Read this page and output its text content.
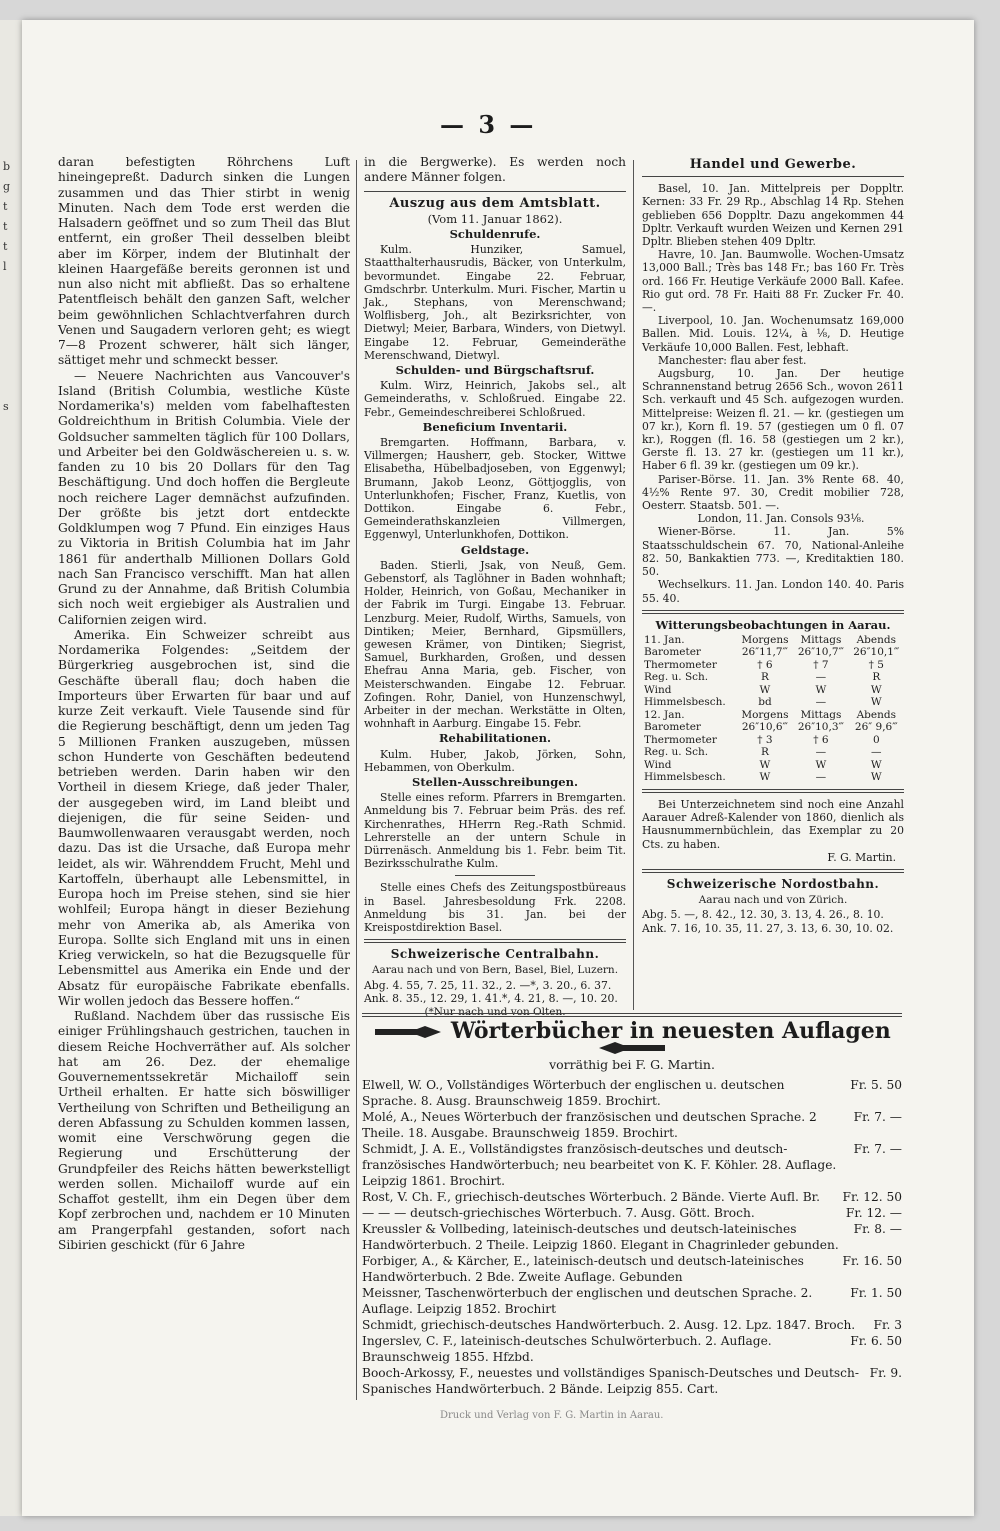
b
g
t
t
t
l
s
— 3 —

daran befestigten Röhrchens Luft hineingepreßt. Dadurch sinken die Lungen zusammen und das Thier stirbt in wenig Minuten. Nach dem Tode erst werden die Halsadern geöffnet und so zum Theil das Blut entfernt, ein großer Theil desselben bleibt aber im Körper, indem der Blutinhalt der kleinen Haargefäße bereits geronnen ist und nun also nicht mit abfließt. Das so erhaltene Patentfleisch behält den ganzen Saft, welcher beim gewöhnlichen Schlachtverfahren durch Venen und Saugadern verloren geht; es wiegt 7—8 Prozent schwerer, hält sich länger, sättiget mehr und schmeckt besser.

— Neuere Nachrichten aus Vancouver's Island (British Columbia, westliche Küste Nordamerika's) melden vom fabelhaftesten Goldreichthum in British Columbia. Viele der Goldsucher sammelten täglich für 100 Dollars, und Arbeiter bei den Goldwäschereien u. s. w. fanden zu 10 bis 20 Dollars für den Tag Beschäftigung. Und doch hoffen die Bergleute noch reichere Lager demnächst aufzufinden. Der größte bis jetzt dort entdeckte Goldklumpen wog 7 Pfund. Ein einziges Haus zu Viktoria in British Columbia hat im Jahr 1861 für anderthalb Millionen Dollars Gold nach San Francisco verschifft. Man hat allen Grund zu der Annahme, daß British Columbia sich noch weit ergiebiger als Australien und Californien zeigen wird.

Amerika. Ein Schweizer schreibt aus Nordamerika Folgendes: „Seitdem der Bürgerkrieg ausgebrochen ist, sind die Geschäfte überall flau; doch haben die Importeurs über Erwarten für baar und auf kurze Zeit verkauft. Viele Tausende sind für die Regierung beschäftigt, denn um jeden Tag 5 Millionen Franken auszugeben, müssen schon Hunderte von Geschäften bedeutend betrieben werden. Darin haben wir den Vortheil in diesem Kriege, daß jeder Thaler, der ausgegeben wird, im Land bleibt und diejenigen, die für seine Seiden- und Baumwollenwaaren verausgabt werden, noch dazu. Das ist die Ursache, daß Europa mehr leidet, als wir. Währenddem Frucht, Mehl und Kartoffeln, überhaupt alle Lebensmittel, in Europa hoch im Preise stehen, sind sie hier wohlfeil; Europa hängt in dieser Beziehung mehr von Amerika ab, als Amerika von Europa. Sollte sich England mit uns in einen Krieg verwickeln, so hat die Bezugsquelle für Lebensmittel aus Amerika ein Ende und der Absatz für europäische Fabrikate ebenfalls. Wir wollen jedoch das Bessere hoffen.“

Rußland. Nachdem über das russische Eis einiger Frühlingshauch gestrichen, tauchen in diesem Reiche Hochverräther auf. Als solcher hat am 26. Dez. der ehemalige Gouvernementssekretär Michailoff sein Urtheil erhalten. Er hatte sich böswilliger Vertheilung von Schriften und Betheiligung an deren Abfassung zu Schulden kommen lassen, womit eine Verschwörung gegen die Regierung und Erschütterung der Grundpfeiler des Reichs hätten bewerkstelligt werden sollen. Michailoff wurde auf ein Schaffot gestellt, ihm ein Degen über dem Kopf zerbrochen und, nachdem er 10 Minuten am Prangerpfahl gestanden, sofort nach Sibirien geschickt (für 6 Jahre

in die Bergwerke). Es werden noch andere Männer folgen.

Auszug aus dem Amtsblatt.
(Vom 11. Januar 1862).
Schuldenrufe.

Kulm. Hunziker, Samuel, Staatthalterhausrudis, Bäcker, von Unterkulm, bevormundet. Eingabe 22. Februar, Gmdschrbr. Unterkulm. Muri. Fischer, Martin u Jak., Stephans, von Merenschwand; Wolflisberg, Joh., alt Bezirksrichter, von Dietwyl; Meier, Barbara, Winders, von Dietwyl. Eingabe 12. Februar, Gemeinderäthe Merenschwand, Dietwyl.

Schulden- und Bürgschaftsruf.

Kulm. Wirz, Heinrich, Jakobs sel., alt Gemeinderaths, v. Schloßrued. Eingabe 22. Febr., Gemeindeschreiberei Schloßrued.

Beneficium Inventarii.

Bremgarten. Hoffmann, Barbara, v. Villmergen; Hausherr, geb. Stocker, Wittwe Elisabetha, Hübelbadjoseben, von Eggenwyl; Brumann, Jakob Leonz, Göttjogglis, von Unterlunkhofen; Fischer, Franz, Kuetlis, von Dottikon. Eingabe 6. Febr., Gemeinderathskanzleien Villmergen, Eggenwyl, Unterlunkhofen, Dottikon.

Geldstage.

Baden. Stierli, Jsak, von Neuß, Gem. Gebenstorf, als Taglöhner in Baden wohnhaft; Holder, Heinrich, von Goßau, Mechaniker in der Fabrik im Turgi. Eingabe 13. Februar. Lenzburg. Meier, Rudolf, Wirths, Samuels, von Dintiken; Meier, Bernhard, Gipsmüllers, gewesen Krämer, von Dintiken; Siegrist, Samuel, Burkharden, Großen, und dessen Ehefrau Anna Maria, geb. Fischer, von Meisterschwanden. Eingabe 12. Februar. Zofingen. Rohr, Daniel, von Hunzenschwyl, Arbeiter in der mechan. Werkstätte in Olten, wohnhaft in Aarburg. Eingabe 15. Febr.

Rehabilitationen.

Kulm. Huber, Jakob, Jörken, Sohn, Hebammen, von Oberkulm.

Stellen-Ausschreibungen.

Stelle eines reform. Pfarrers in Bremgarten. Anmeldung bis 7. Februar beim Präs. des ref. Kirchenrathes, HHerrn Reg.-Rath Schmid. Lehrerstelle an der untern Schule in Dürrenäsch. Anmeldung bis 1. Febr. beim Tit. Bezirksschulrathe Kulm.

Stelle eines Chefs des Zeitungspostbüreaus in Basel. Jahresbesoldung Frk. 2208. Anmeldung bis 31. Jan. bei der Kreispostdirektion Basel.

Schweizerische Centralbahn.
Aarau nach und von Bern, Basel, Biel, Luzern.
Abg. 4. 55, 7. 25, 11. 32., 2. —*, 3. 20., 6. 37.
Ank. 8. 35., 12. 29, 1. 41.*, 4. 21, 8. —, 10. 20.
(*Nur nach und von Olten.
Handel und Gewerbe.

Basel, 10. Jan. Mittelpreis per Doppltr. Kernen: 33 Fr. 29 Rp., Abschlag 14 Rp. Stehen geblieben 656 Doppltr. Dazu angekommen 44 Dpltr. Verkauft wurden Weizen und Kernen 291 Dpltr. Blieben stehen 409 Dpltr.

Havre, 10. Jan. Baumwolle. Wochen-Umsatz 13,000 Ball.; Très bas 148 Fr.; bas 160 Fr. Très ord. 166 Fr. Heutige Verkäufe 2000 Ball. Kafee. Rio gut ord. 78 Fr. Haiti 88 Fr. Zucker Fr. 40. —.

Liverpool, 10. Jan. Wochenumsatz 169,000 Ballen. Mid. Louis. 12¼, à ⅛, D. Heutige Verkäufe 10,000 Ballen. Fest, lebhaft.

Manchester: flau aber fest.

Augsburg, 10. Jan. Der heutige Schrannenstand betrug 2656 Sch., wovon 2611 Sch. verkauft und 45 Sch. aufgezogen wurden. Mittelpreise: Weizen fl. 21. — kr. (gestiegen um 07 kr.), Korn fl. 19. 57 (gestiegen um 0 fl. 07 kr.), Roggen (fl. 16. 58 (gestiegen um 2 kr.), Gerste fl. 13. 27 kr. (gestiegen um 11 kr.), Haber 6 fl. 39 kr. (gestiegen um 09 kr.).

Pariser-Börse. 11. Jan. 3% Rente 68. 40, 4½% Rente 97. 30, Credit mobilier 728, Oesterr. Staatsb. 501. —.

London, 11. Jan. Consols 93⅛.

Wiener-Börse. 11. Jan. 5% Staatsschuldschein 67. 70, National-Anleihe 82. 50, Bankaktien 773. —, Kreditaktien 180. 50.

Wechselkurs. 11. Jan. London 140. 40. Paris 55. 40.

Witterungsbeobachtungen in Aarau.
11. Jan.	Morgens	Mittags	Abends
Barometer	26″11,7‴	26″10,7‴	26″10,1‴
Thermometer	† 6	† 7	† 5
Reg. u. Sch.	R	—	R
Wind	W	W	W
Himmelsbesch.	bd	—	W
12. Jan.	Morgens	Mittags	Abends
Barometer	26″10,6‴	26″10,3‴	26″ 9,6‴
Thermometer	† 3	† 6	0
Reg. u. Sch.	R	—	—
Wind	W	W	W
Himmelsbesch.	W	—	W

Bei Unterzeichnetem sind noch eine Anzahl Aarauer Adreß-Kalender von 1860, dienlich als Hausnummernbüchlein, das Exemplar zu 20 Cts. zu haben.

F. G. Martin.
Schweizerische Nordostbahn.
Aarau nach und von Zürich.
Abg. 5. —, 8. 42., 12. 30, 3. 13, 4. 26., 8. 10.
Ank. 7. 16, 10. 35, 11. 27, 3. 13, 6. 30, 10. 02.
Wörterbücher in neuesten Auflagen
vorräthig bei F. G. Martin.
Elwell, W. O., Vollständiges Wörterbuch der englischen u. deutschen Sprache. 8. Ausg. Braunschweig 1859. Brochirt.
Fr. 5. 50
Molé, A., Neues Wörterbuch der französischen und deutschen Sprache. 2 Theile. 18. Ausgabe. Braunschweig 1859. Brochirt.
Fr. 7. —
Schmidt, J. A. E., Vollständigstes französisch-deutsches und deutsch-französisches Handwörterbuch; neu bearbeitet von K. F. Köhler. 28. Auflage. Leipzig 1861. Brochirt.
Fr. 7. —
Rost, V. Ch. F., griechisch-deutsches Wörterbuch. 2 Bände. Vierte Aufl. Br.	Fr. 12. 50
— — — deutsch-griechisches Wörterbuch. 7. Ausg. Gött. Broch.	Fr. 12. —
Kreussler & Vollbeding, lateinisch-deutsches und deutsch-lateinisches Handwörterbuch. 2 Theile. Leipzig 1860. Elegant in Chagrinleder gebunden.
Fr. 8. —
Forbiger, A., & Kärcher, E., lateinisch-deutsch und deutsch-lateinisches Handwörterbuch. 2 Bde. Zweite Auflage. Gebunden
Fr. 16. 50
Meissner, Taschenwörterbuch der englischen und deutschen Sprache. 2. Auflage. Leipzig 1852. Brochirt
Fr. 1. 50
Schmidt, griechisch-deutsches Handwörterbuch. 2. Ausg. 12. Lpz. 1847. Broch.	Fr. 3
Ingerslev, C. F., lateinisch-deutsches Schulwörterbuch. 2. Auflage. Braunschweig 1855. Hfzbd.
Fr. 6. 50
Booch-Arkossy, F., neuestes und vollständiges Spanisch-Deutsches und Deutsch-Spanisches Handwörterbuch. 2 Bände. Leipzig 855. Cart.
Fr. 9.
Druck und Verlag von F. G. Martin in Aarau.
